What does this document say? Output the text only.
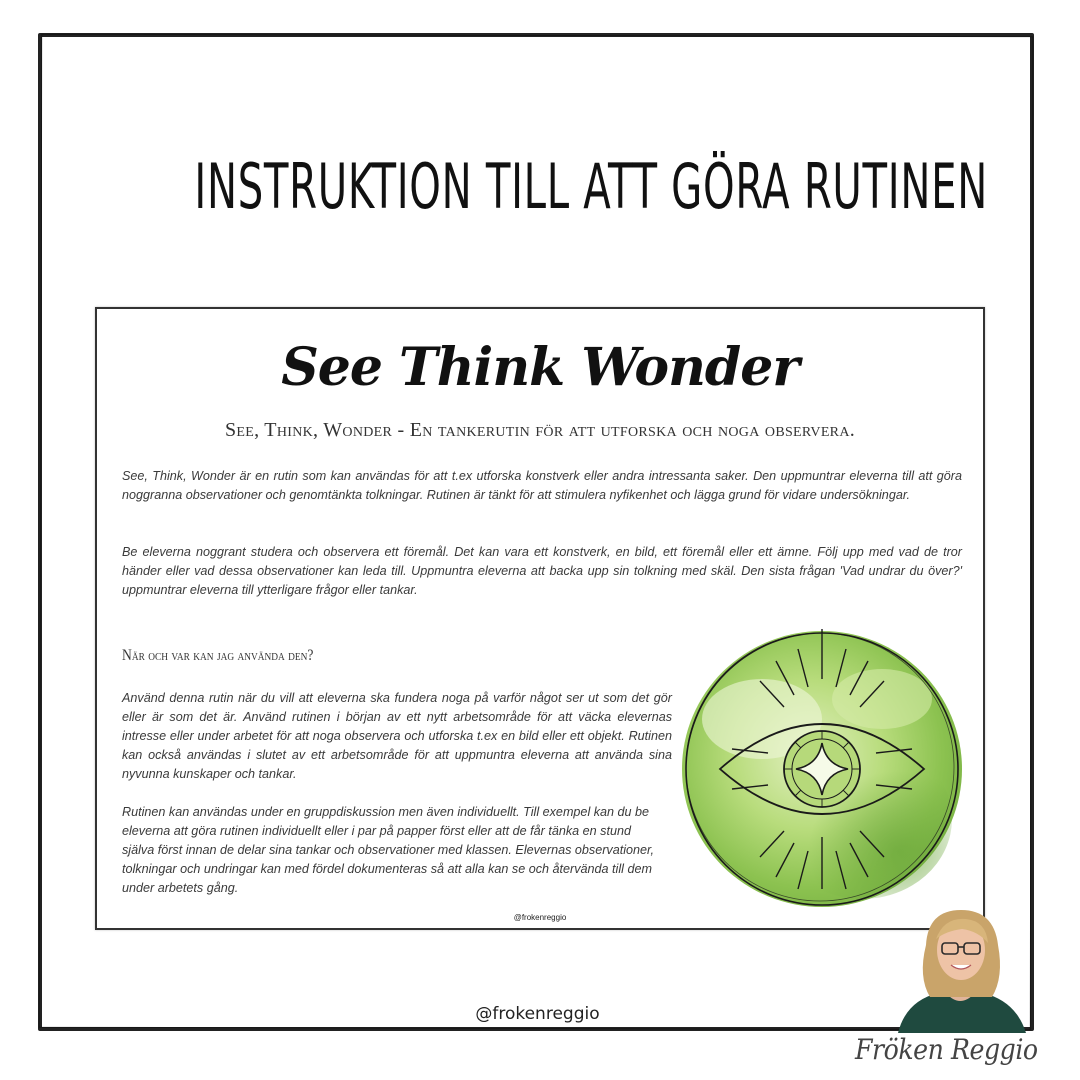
INSTRUKTION TILL ATT GÖRA RUTINEN
See Think Wonder
See, Think, Wonder - En tankerutin för att utforska och noga observera.
See, Think, Wonder är en rutin som kan användas för att t.ex utforska konstverk eller andra intressanta saker. Den uppmuntrar eleverna till att göra noggranna observationer och genomtänkta tolkningar. Rutinen är tänkt för att stimulera nyfikenhet och lägga grund för vidare undersökningar.
Be eleverna noggrant studera och observera ett föremål. Det kan vara ett konstverk, en bild, ett föremål eller ett ämne. Följ upp med vad de tror händer eller vad dessa observationer kan leda till. Uppmuntra eleverna att backa upp sin tolkning med skäl. Den sista frågan 'Vad undrar du över?' uppmuntrar eleverna till ytterligare frågor eller tankar.
När och var kan jag använda den?
Använd denna rutin när du vill att eleverna ska fundera noga på varför något ser ut som det gör eller är som det är. Använd rutinen i början av ett nytt arbetsområde för att väcka elevernas intresse eller under arbetet för att noga observera och utforska t.ex en bild eller ett objekt. Rutinen kan också användas i slutet av ett arbetsområde för att uppmuntra eleverna att använda sina nyvunna kunskaper och tankar.
Rutinen kan användas under en gruppdiskussion men även individuellt. Till exempel kan du be eleverna att göra rutinen individuellt eller i par på papper först eller att de får tänka en stund själva först innan de delar sina tankar och observationer med klassen. Elevernas observationer, tolkningar och undringar kan med fördel dokumenteras så att alla kan se och återvända till dem under arbetets gång.
@frokenreggio
@frokenreggio
Fröken Reggio
